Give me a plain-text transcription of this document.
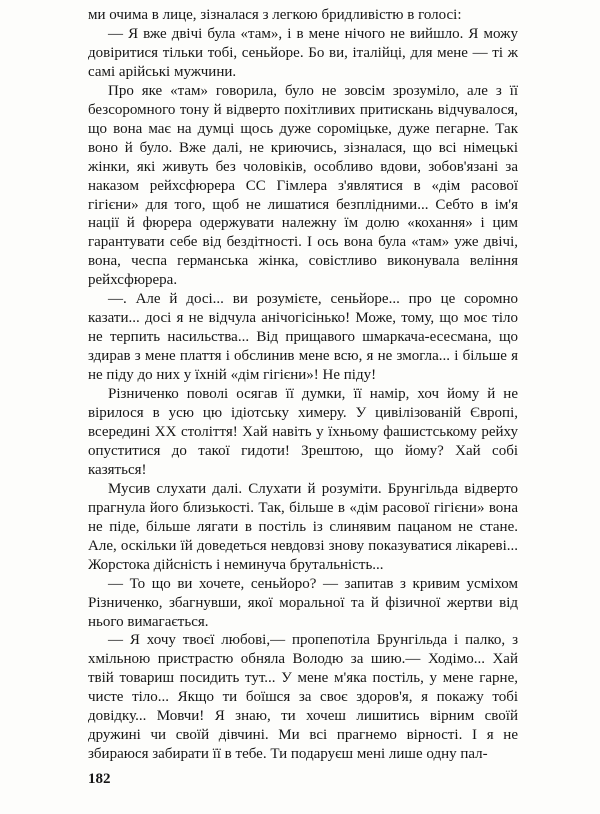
ми очима в лице, зізналася з легкою бридливістю в голосі:

— Я вже двічі була «там», і в мене нічого не вийшло. Я можу довіритися тільки тобі, сеньйоре. Бо ви, італійці, для мене — ті ж самі арійські мужчини.

Про яке «там» говорила, було не зовсім зрозуміло, але з її безсоромного тону й відверто похітливих притискань відчувалося, що вона має на думці щось дуже сороміцьке, дуже пегарне. Так воно й було. Вже далі, не криючись, зізналася, що всі німецькі жінки, які живуть без чоловіків, особливо вдови, зобов'язані за наказом рейхсфюрера СС Гімлера з'являтися в «дім расової гігієни» для того, щоб не лишатися безплідними... Себто в ім'я нації й фюрера одержувати належну їм долю «кохання» і цим гарантувати себе від бездітності. І ось вона була «там» уже двічі, вона, чеспа германська жінка, совістливо виконувала веління рейхсфюрера.

—. Але й досі... ви розумієте, сеньйоре... про це соромно казати... досі я не відчула анічогісінько! Може, тому, що моє тіло не терпить насильства... Від прищавого шмаркача-есесмана, що здирав з мене плаття і обслинив мене всю, я не змогла... і більше я не піду до них у їхній «дім гігієни»! Не піду!

Різниченко поволі осягав її думки, її намір, хоч йому й не вірилося в усю цю ідіотську химеру. У цивілізованій Європі, всередині XX століття! Хай навіть у їхньому фашистському рейху опуститися до такої гидоти! Зрештою, що йому? Хай собі казяться!

Мусив слухати далі. Слухати й розуміти. Брунгільда відверто прагнула його близькості. Так, більше в «дім расової гігієни» вона не піде, більше лягати в постіль із слинявим пацаном не стане. Але, оскільки їй доведеться невдовзі знову показуватися лікареві... Жорстока дійсність і неминуча брутальність...

— То що ви хочете, сеньйоро? — запитав з кривим усміхом Різниченко, збагнувши, якої моральної та й фізичної жертви від нього вимагається.

— Я хочу твоєї любові,— пропепотіла Брунгільда і палко, з хмільною пристрастю обняла Володю за шию.— Ходімо... Хай твій товариш посидить тут... У мене м'яка постіль, у мене гарне, чисте тіло... Якщо ти боїшся за своє здоров'я, я покажу тобі довідку... Мовчи! Я знаю, ти хочеш лишитись вірним своїй дружині чи своїй дівчині. Ми всі прагнемо вірності. І я не збираюся забирати її в тебе. Ти подаруєш мені лише одну пал-

182
